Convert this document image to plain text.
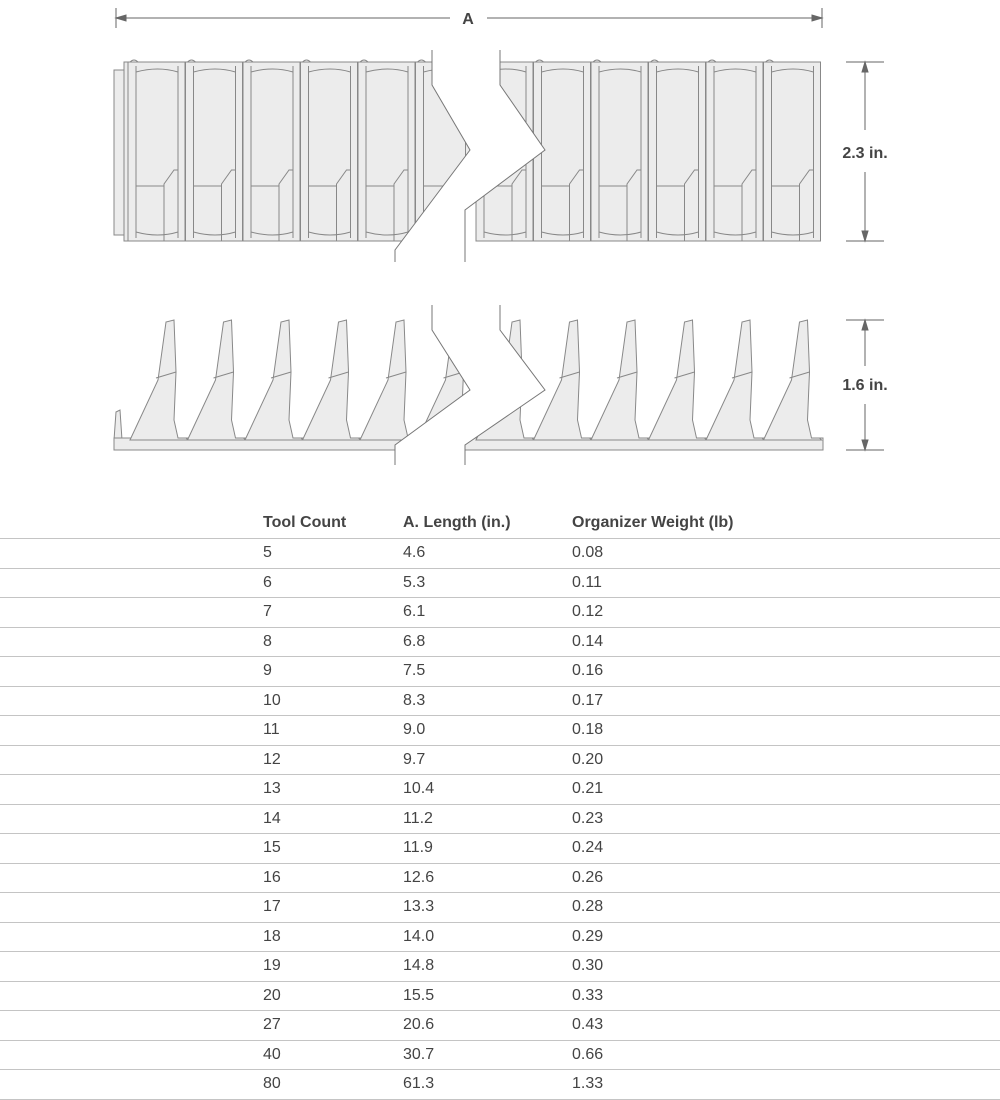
A
2.3 in.
1.6 in.
Tool Count	A. Length (in.)	Organizer Weight (lb)
5	4.6	0.08
6	5.3	0.11
7	6.1	0.12
8	6.8	0.14
9	7.5	0.16
10	8.3	0.17
11	9.0	0.18
12	9.7	0.20
13	10.4	0.21
14	11.2	0.23
15	11.9	0.24
16	12.6	0.26
17	13.3	0.28
18	14.0	0.29
19	14.8	0.30
20	15.5	0.33
27	20.6	0.43
40	30.7	0.66
80	61.3	1.33
